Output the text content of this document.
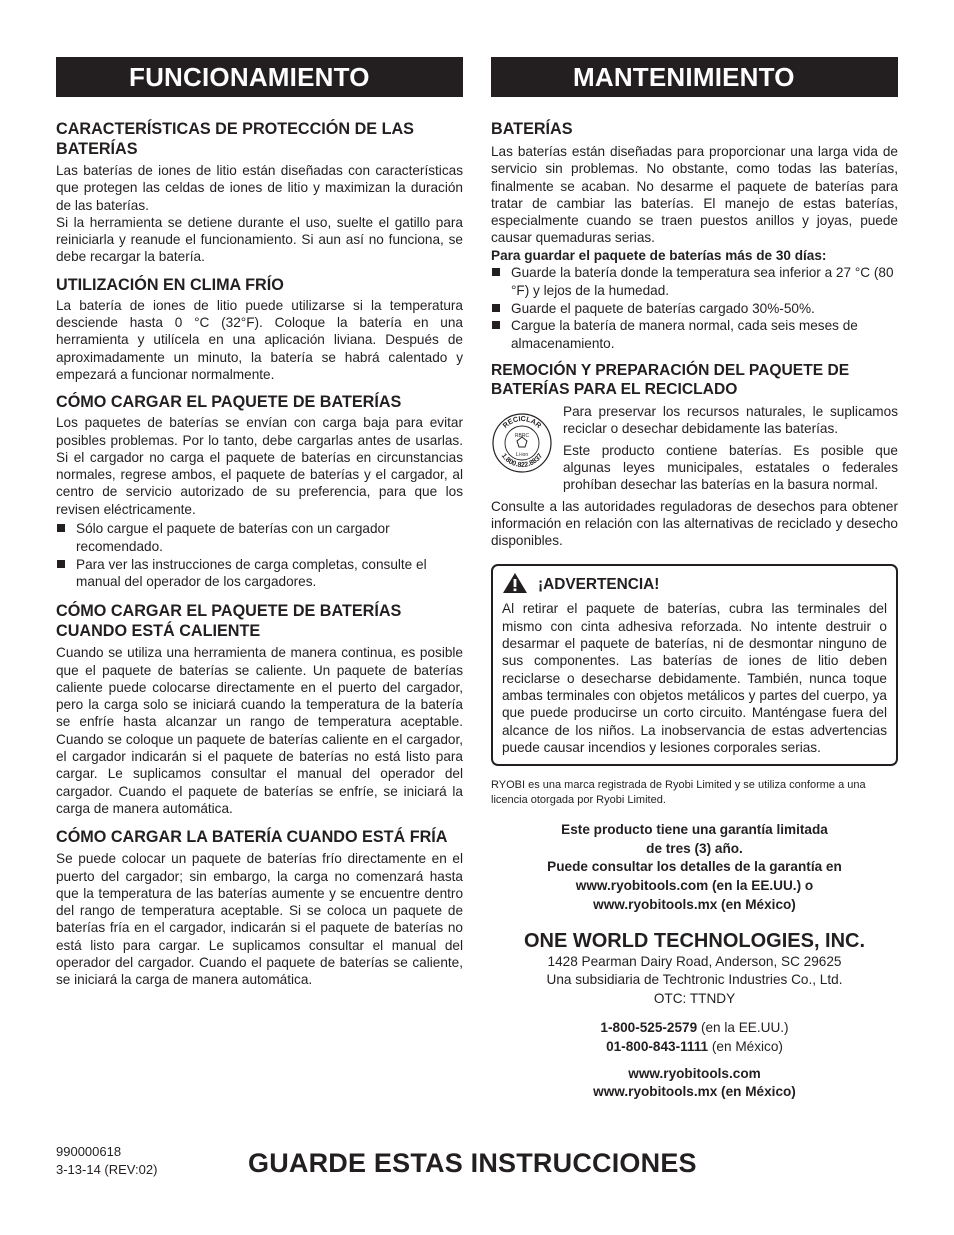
FUNCIONAMIENTO
CARACTERÍSTICAS DE PROTECCIÓN DE LAS BATERÍAS

Las baterías de iones de litio están diseñadas con características que protegen las celdas de iones de litio y maximizan la duración de las baterías.

Si la herramienta se detiene durante el uso, suelte el gatillo para reiniciarla y reanude el funcionamiento. Si aun así no funciona, se debe recargar la batería.

UTILIZACIÓN EN CLIMA FRÍO

La batería de iones de litio puede utilizarse si la temperatura desciende hasta 0 °C (32°F). Coloque la batería en una herramienta y utilícela en una aplicación liviana. Después de aproximadamente un minuto, la batería se habrá calentado y empezará a funcionar normalmente.

CÓMO CARGAR EL PAQUETE DE BATERÍAS

Los paquetes de baterías se envían con carga baja para evitar posibles problemas. Por lo tanto, debe cargarlas antes de usarlas. Si el cargador no carga el paquete de baterías en circunstancias normales, regrese ambos, el paquete de baterías y el cargador, al centro de servicio autorizado de su preferencia, para que los revisen eléctricamente.

Sólo cargue el paquete de baterías con un cargador recomendado.
Para ver las instrucciones de carga completas, consulte el manual del operador de los cargadores.
CÓMO CARGAR EL PAQUETE DE BATERÍAS CUANDO ESTÁ CALIENTE

Cuando se utiliza una herramienta de manera continua, es posible que el paquete de baterías se caliente. Un paquete de baterías caliente puede colocarse directamente en el puerto del cargador, pero la carga solo se iniciará cuando la temperatura de la batería se enfríe hasta alcanzar un rango de temperatura aceptable. Cuando se coloque un paquete de baterías caliente en el cargador, el cargador indicarán si el paquete de baterías no está listo para cargar. Le suplicamos consultar el manual del operador del cargador. Cuando el paquete de baterías se enfríe, se iniciará la carga de manera automática.

CÓMO CARGAR LA BATERÍA CUANDO ESTÁ FRÍA

Se puede colocar un paquete de baterías frío directamente en el puerto del cargador; sin embargo, la carga no comenzará hasta que la temperatura de las baterías aumente y se encuentre dentro del rango de temperatura aceptable. Si se coloca un paquete de baterías fría en el cargador, indicarán si el paquete de baterías no está listo para cargar. Le suplicamos consultar el manual del operador del cargador. Cuando el paquete de baterías se caliente, se iniciará la carga de manera automática.

MANTENIMIENTO
BATERÍAS

Las baterías están diseñadas para proporcionar una larga vida de servicio sin problemas. No obstante, como todas las baterías, finalmente se acaban. No desarme el paquete de baterías para tratar de cambiar las baterías. El manejo de estas baterías, especialmente cuando se traen puestos anillos y joyas, puede causar quemaduras serias.

Para guardar el paquete de baterías más de 30 días:

Guarde la batería donde la temperatura sea inferior a 27 °C (80 °F) y lejos de la humedad.
Guarde el paquete de baterías cargado 30%-50%.
Cargue la batería de manera normal, cada seis meses de almacenamiento.
REMOCIÓN Y PREPARACIÓN DEL PAQUETE DE BATERÍAS PARA EL RECICLADO
RECICLAR
1.800.822.8837
RBRC
Li-ion

Para preservar los recursos naturales, le suplicamos reciclar o desechar debidamente las baterías.

Este producto contiene baterías. Es posible que algunas leyes municipales, estatales o federales prohíban desechar las baterías en la basura normal.

Consulte a las autoridades reguladoras de desechos para obtener información en relación con las alternativas de reciclado y desecho disponibles.

¡ADVERTENCIA!

Al retirar el paquete de baterías, cubra las terminales del mismo con cinta adhesiva reforzada. No intente destruir o desarmar el paquete de baterías, ni de desmontar ninguno de sus componentes. Las baterías de iones de litio deben reciclarse o desecharse debidamente. También, nunca toque ambas terminales con objetos metálicos y partes del cuerpo, ya que puede producirse un corto circuito. Manténgase fuera del alcance de los niños. La inobservancia de estas advertencias puede causar incendios y lesiones corporales serias.

RYOBI es una marca registrada de Ryobi Limited y se utiliza conforme a una licencia otorgada por Ryobi Limited.

Este producto tiene una garantía limitada
de tres (3) año.
Puede consultar los detalles de la garantía en
www.ryobitools.com (en la EE.UU.) o
www.ryobitools.mx (en México)
ONE WORLD TECHNOLOGIES, INC.
1428 Pearman Dairy Road, Anderson, SC 29625
Una subsidiaria de Techtronic Industries Co., Ltd.
OTC: TTNDY
1-800-525-2579 (en la EE.UU.)
01-800-843-1111 (en México)
www.ryobitools.com
www.ryobitools.mx (en México)
990000618
3-13-14 (REV:02)	GUARDE ESTAS INSTRUCCIONES
